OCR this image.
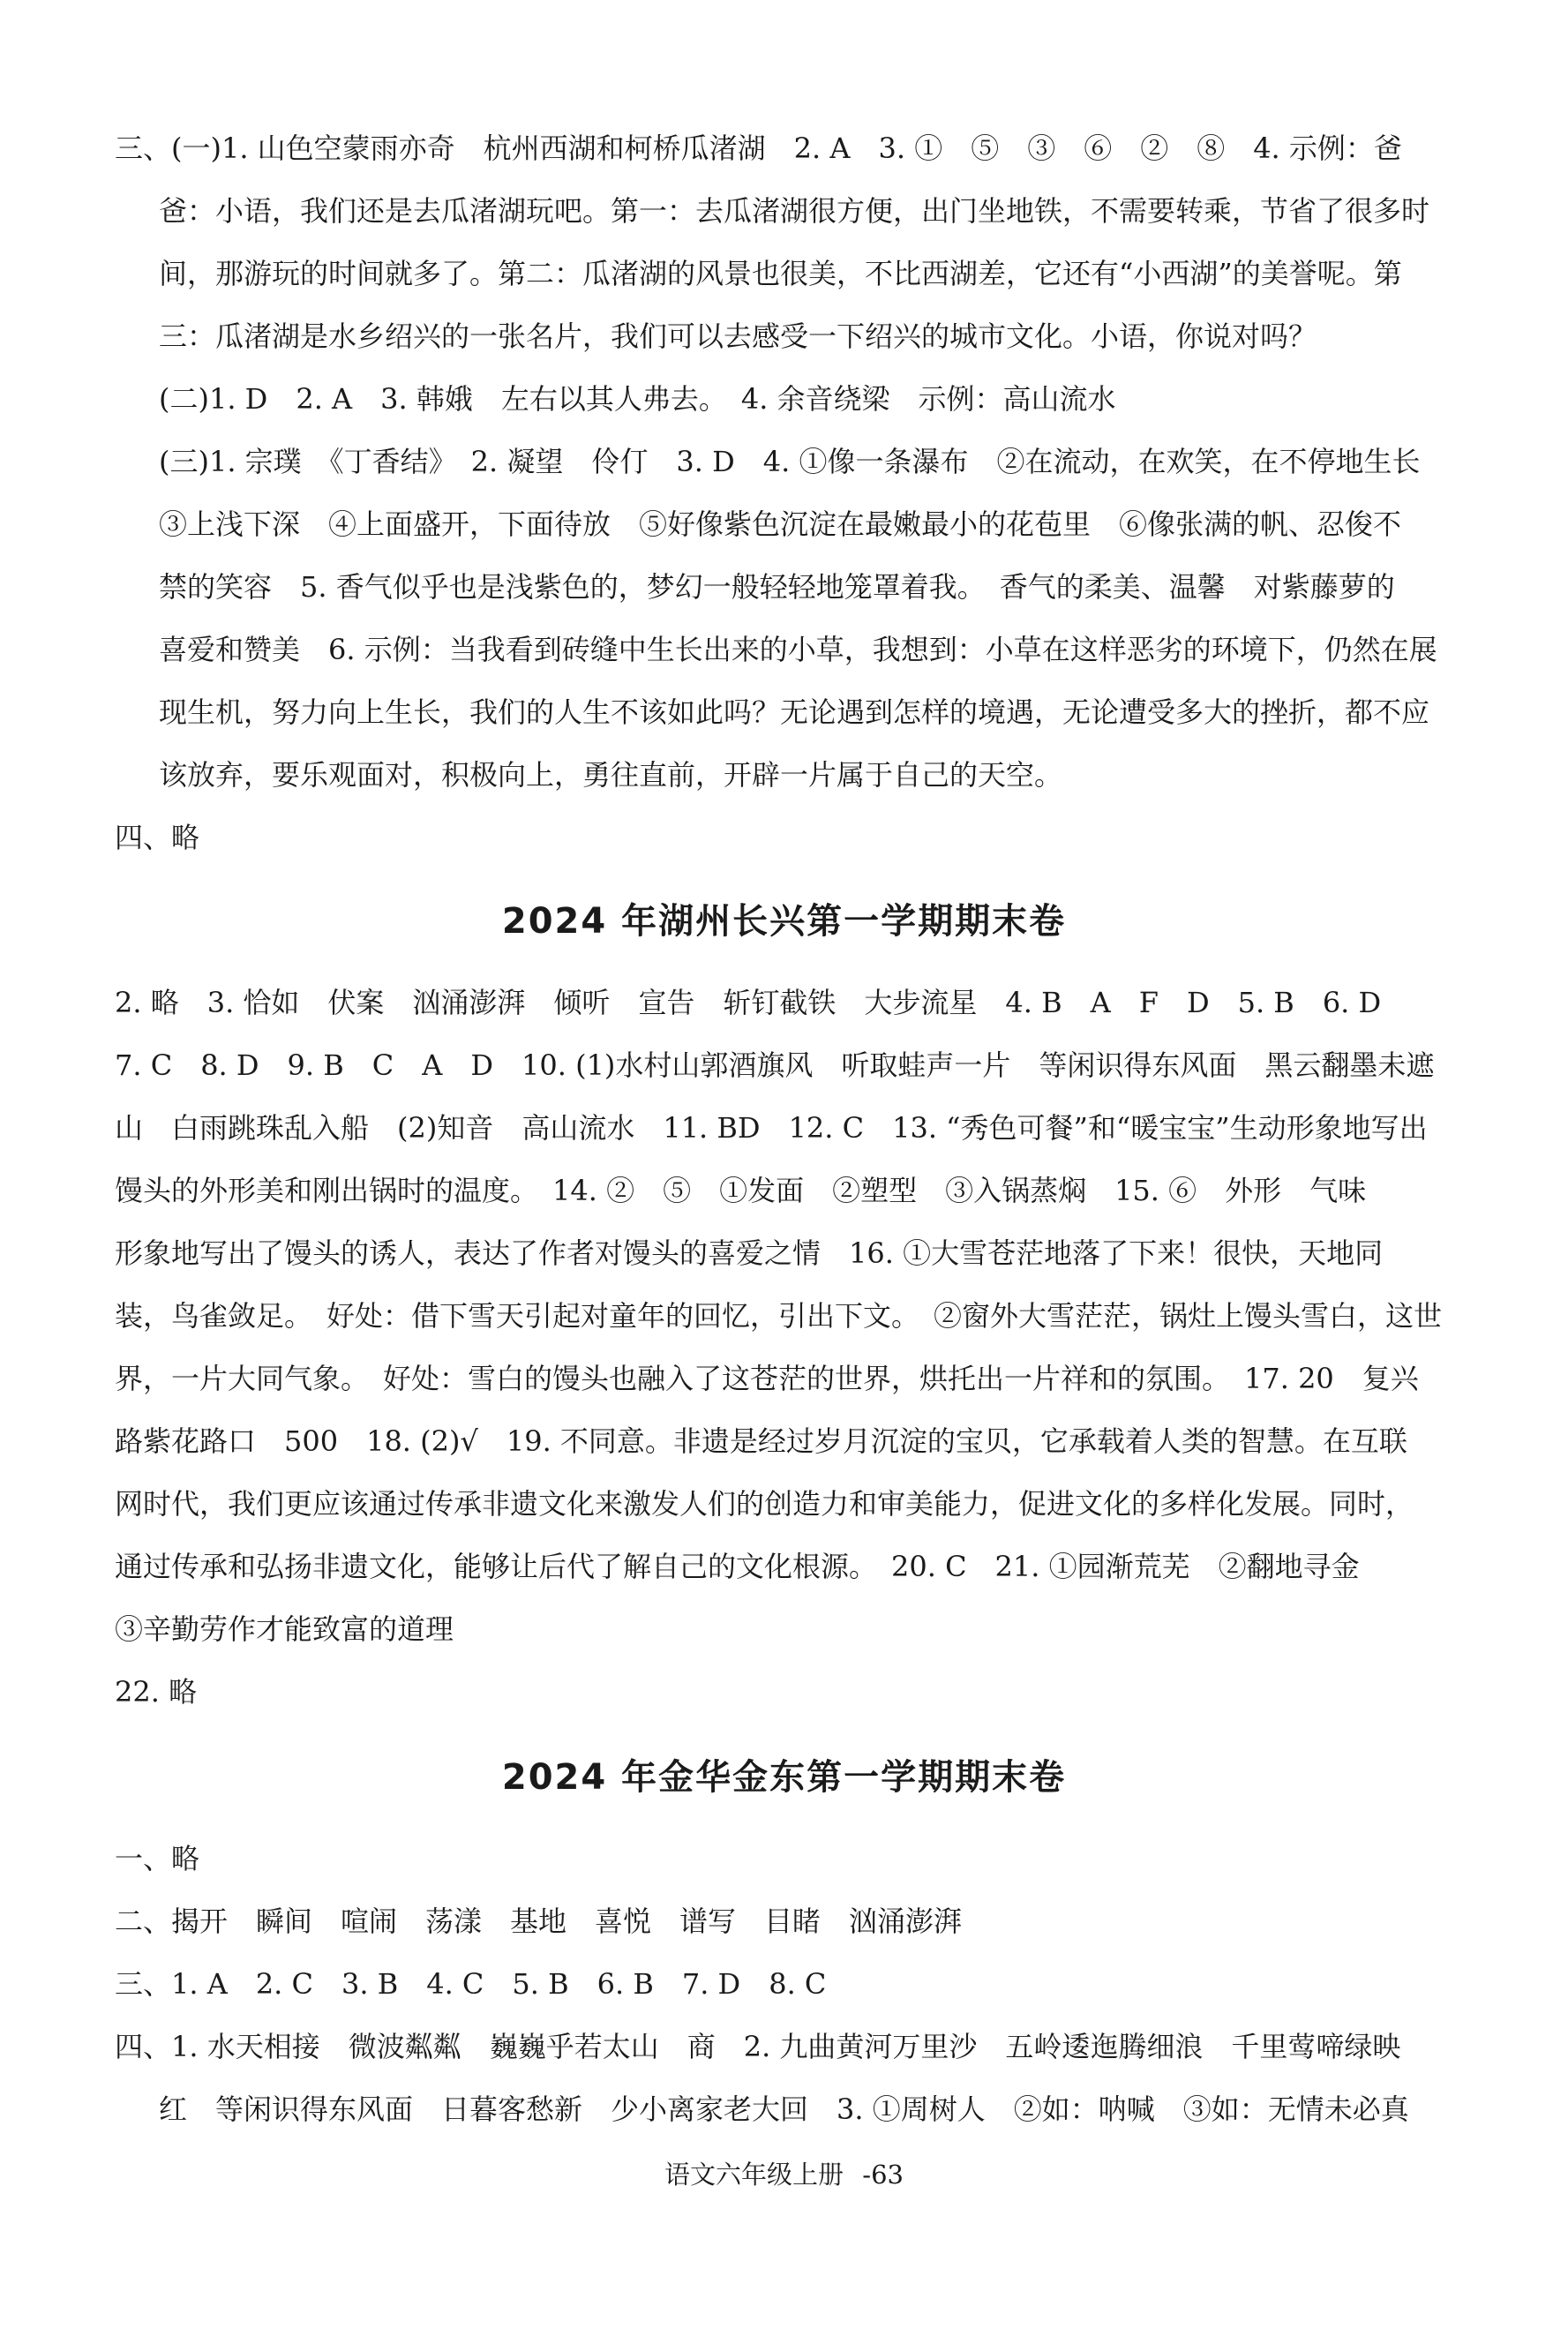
三、(一)1. 山色空蒙雨亦奇　杭州西湖和柯桥瓜渚湖　2. A　3. ①　⑤　③　⑥　②　⑧　4. 示例：爸
爸：小语，我们还是去瓜渚湖玩吧。第一：去瓜渚湖很方便，出门坐地铁，不需要转乘，节省了很多时
间，那游玩的时间就多了。第二：瓜渚湖的风景也很美，不比西湖差，它还有“小西湖”的美誉呢。第
三：瓜渚湖是水乡绍兴的一张名片，我们可以去感受一下绍兴的城市文化。小语，你说对吗？
(二)1. D　2. A　3. 韩娥　左右以其人弗去。　4. 余音绕梁　示例：高山流水
(三)1. 宗璞　《丁香结》　2. 凝望　伶仃　3. D　4. ①像一条瀑布　②在流动，在欢笑，在不停地生长
③上浅下深　④上面盛开，下面待放　⑤好像紫色沉淀在最嫩最小的花苞里　⑥像张满的帆、忍俊不
禁的笑容　5. 香气似乎也是浅紫色的，梦幻一般轻轻地笼罩着我。　香气的柔美、温馨　对紫藤萝的
喜爱和赞美　6. 示例：当我看到砖缝中生长出来的小草，我想到：小草在这样恶劣的环境下，仍然在展
现生机，努力向上生长，我们的人生不该如此吗？无论遇到怎样的境遇，无论遭受多大的挫折，都不应
该放弃，要乐观面对，积极向上，勇往直前，开辟一片属于自己的天空。
四、略
2024 年湖州长兴第一学期期末卷
2. 略　3. 恰如　伏案　汹涌澎湃　倾听　宣告　斩钉截铁　大步流星　4. B　A　F　D　5. B　6. D
7. C　8. D　9. B　C　A　D　10. (1)水村山郭酒旗风　听取蛙声一片　等闲识得东风面　黑云翻墨未遮
山　白雨跳珠乱入船　(2)知音　高山流水　11. BD　12. C　13. “秀色可餐”和“暖宝宝”生动形象地写出
馒头的外形美和刚出锅时的温度。　14. ②　⑤　①发面　②塑型　③入锅蒸焖　15. ⑥　外形　气味
形象地写出了馒头的诱人，表达了作者对馒头的喜爱之情　16. ①大雪苍茫地落了下来！很快，天地同
装，鸟雀敛足。　好处：借下雪天引起对童年的回忆，引出下文。　②窗外大雪茫茫，锅灶上馒头雪白，这世
界，一片大同气象。　好处：雪白的馒头也融入了这苍茫的世界，烘托出一片祥和的氛围。　17. 20　复兴
路紫花路口　500　18. (2)√　19. 不同意。非遗是经过岁月沉淀的宝贝，它承载着人类的智慧。在互联
网时代，我们更应该通过传承非遗文化来激发人们的创造力和审美能力，促进文化的多样化发展。同时，
通过传承和弘扬非遗文化，能够让后代了解自己的文化根源。　20. C　21. ①园渐荒芜　②翻地寻金
③辛勤劳作才能致富的道理
22. 略
2024 年金华金东第一学期期末卷
一、略
二、揭开　瞬间　喧闹　荡漾　基地　喜悦　谱写　目睹　汹涌澎湃
三、1. A　2. C　3. B　4. C　5. B　6. B　7. D　8. C
四、1. 水天相接　微波粼粼　巍巍乎若太山　商　2. 九曲黄河万里沙　五岭逶迤腾细浪　千里莺啼绿映
红　等闲识得东风面　日暮客愁新　少小离家老大回　3. ①周树人　②如：呐喊　③如：无情未必真
语文六年级上册 -63
